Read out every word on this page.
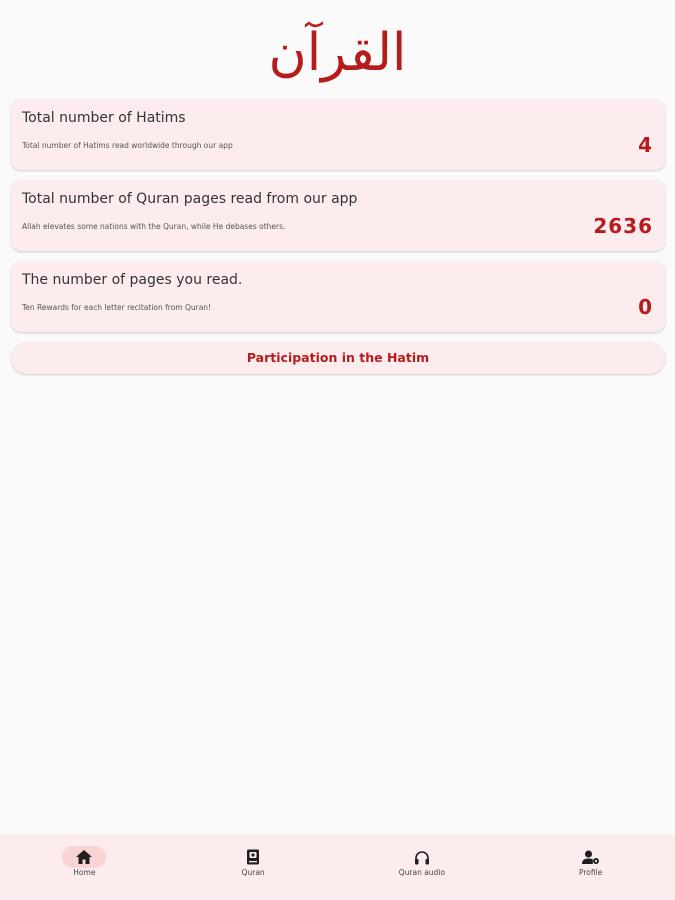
القرآن
Total number of Hatims
Total number of Hatims read worldwide through our app	4
Total number of Quran pages read from our app
Allah elevates some nations with the Quran, while He debases others.	2636
The number of pages you read.
Ten Rewards for each letter recitation from Quran!	0
Participation in the Hatim
Home	Quran	Quran audio	Profile
